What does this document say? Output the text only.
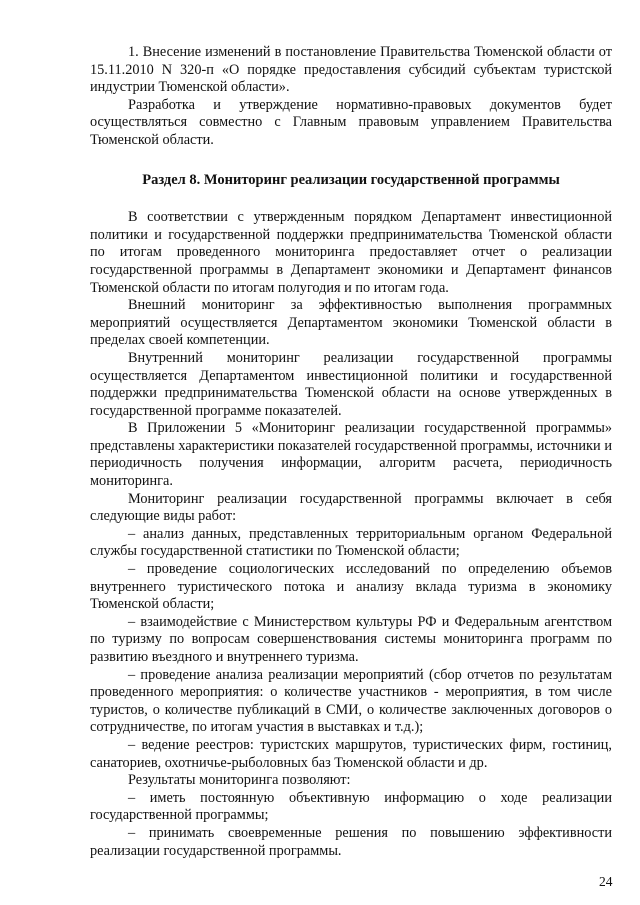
1. Внесение изменений в постановление Правительства Тюменской области от 15.11.2010 N 320-п «О порядке предоставления субсидий субъектам туристской индустрии Тюменской области».

Разработка и утверждение нормативно-правовых документов будет осуществляться совместно с Главным правовым управлением Правительства Тюменской области.

Раздел 8. Мониторинг реализации государственной программы

В соответствии с утвержденным порядком Департамент инвестиционной политики и государственной поддержки предпринимательства Тюменской области по итогам проведенного мониторинга предоставляет отчет о реализации государственной программы в Департамент экономики и Департамент финансов Тюменской области по итогам полугодия и по итогам года.

Внешний мониторинг за эффективностью выполнения программных мероприятий осуществляется Департаментом экономики Тюменской области в пределах своей компетенции.

Внутренний мониторинг реализации государственной программы осуществляется Департаментом инвестиционной политики и государственной поддержки предпринимательства Тюменской области на основе утвержденных в государственной программе показателей.

В Приложении 5 «Мониторинг реализации государственной программы» представлены характеристики показателей государственной программы, источники и периодичность получения информации, алгоритм расчета, периодичность мониторинга.

Мониторинг реализации государственной программы включает в себя следующие виды работ:

– анализ данных, представленных территориальным органом Федеральной службы государственной статистики по Тюменской области;

– проведение социологических исследований по определению объемов внутреннего туристического потока и анализу вклада туризма в экономику Тюменской области;

– взаимодействие с Министерством культуры РФ и Федеральным агентством по туризму по вопросам совершенствования системы мониторинга программ по развитию въездного и внутреннего туризма.

– проведение анализа реализации мероприятий (сбор отчетов по результатам проведенного мероприятия: о количестве участников - мероприятия, в том числе туристов, о количестве публикаций в СМИ, о количестве заключенных договоров о сотрудничестве, по итогам участия в выставках и т.д.);

– ведение реестров: туристских маршрутов, туристических фирм, гостиниц, санаториев, охотничье-рыболовных баз Тюменской области и др.

Результаты мониторинга позволяют:

– иметь постоянную объективную информацию о ходе реализации государственной программы;

– принимать своевременные решения по повышению эффективности реализации государственной программы.

24
